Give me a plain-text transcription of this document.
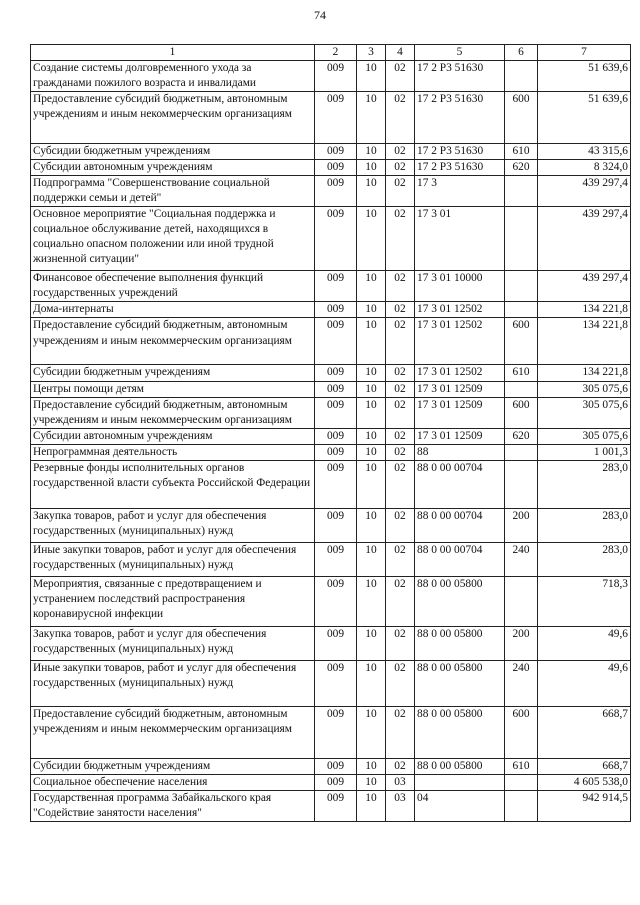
74
1	2	3	4	5	6	7
Создание системы долговременного ухода за гражданами пожилого возраста и инвалидами	009	10	02	17 2 P3 51630		51 639,6
Предоставление субсидий бюджетным, автономным учреждениям и иным некоммерческим организациям	009	10	02	17 2 P3 51630	600	51 639,6
Субсидии бюджетным учреждениям	009	10	02	17 2 P3 51630	610	43 315,6
Субсидии автономным учреждениям	009	10	02	17 2 P3 51630	620	8 324,0
Подпрограмма "Совершенствование социальной поддержки семьи и детей"	009	10	02	17 3		439 297,4
Основное мероприятие "Социальная поддержка и социальное обслуживание детей, находящихся в социально опасном положении или иной трудной жизненной ситуации"	009	10	02	17 3 01		439 297,4
Финансовое обеспечение выполнения функций государственных учреждений	009	10	02	17 3 01 10000		439 297,4
Дома-интернаты	009	10	02	17 3 01 12502		134 221,8
Предоставление субсидий бюджетным, автономным учреждениям и иным некоммерческим организациям	009	10	02	17 3 01 12502	600	134 221,8
Субсидии бюджетным учреждениям	009	10	02	17 3 01 12502	610	134 221,8
Центры помощи детям	009	10	02	17 3 01 12509		305 075,6
Предоставление субсидий бюджетным, автономным учреждениям и иным некоммерческим организациям	009	10	02	17 3 01 12509	600	305 075,6
Субсидии автономным учреждениям	009	10	02	17 3 01 12509	620	305 075,6
Непрограммная деятельность	009	10	02	88		1 001,3
Резервные фонды исполнительных органов государственной власти субъекта Российской Федерации	009	10	02	88 0 00 00704		283,0
Закупка товаров, работ и услуг для обеспечения государственных (муниципальных) нужд	009	10	02	88 0 00 00704	200	283,0
Иные закупки товаров, работ и услуг для обеспечения государственных (муниципальных) нужд	009	10	02	88 0 00 00704	240	283,0
Мероприятия, связанные с предотвращением и устранением последствий распространения коронавирусной инфекции	009	10	02	88 0 00 05800		718,3
Закупка товаров, работ и услуг для обеспечения государственных (муниципальных) нужд	009	10	02	88 0 00 05800	200	49,6
Иные закупки товаров, работ и услуг для обеспечения государственных (муниципальных) нужд	009	10	02	88 0 00 05800	240	49,6
Предоставление субсидий бюджетным, автономным учреждениям и иным некоммерческим организациям	009	10	02	88 0 00 05800	600	668,7
Субсидии бюджетным учреждениям	009	10	02	88 0 00 05800	610	668,7
Социальное обеспечение населения	009	10	03			4 605 538,0
Государственная программа Забайкальского края "Содействие занятости населения"	009	10	03	04		942 914,5
